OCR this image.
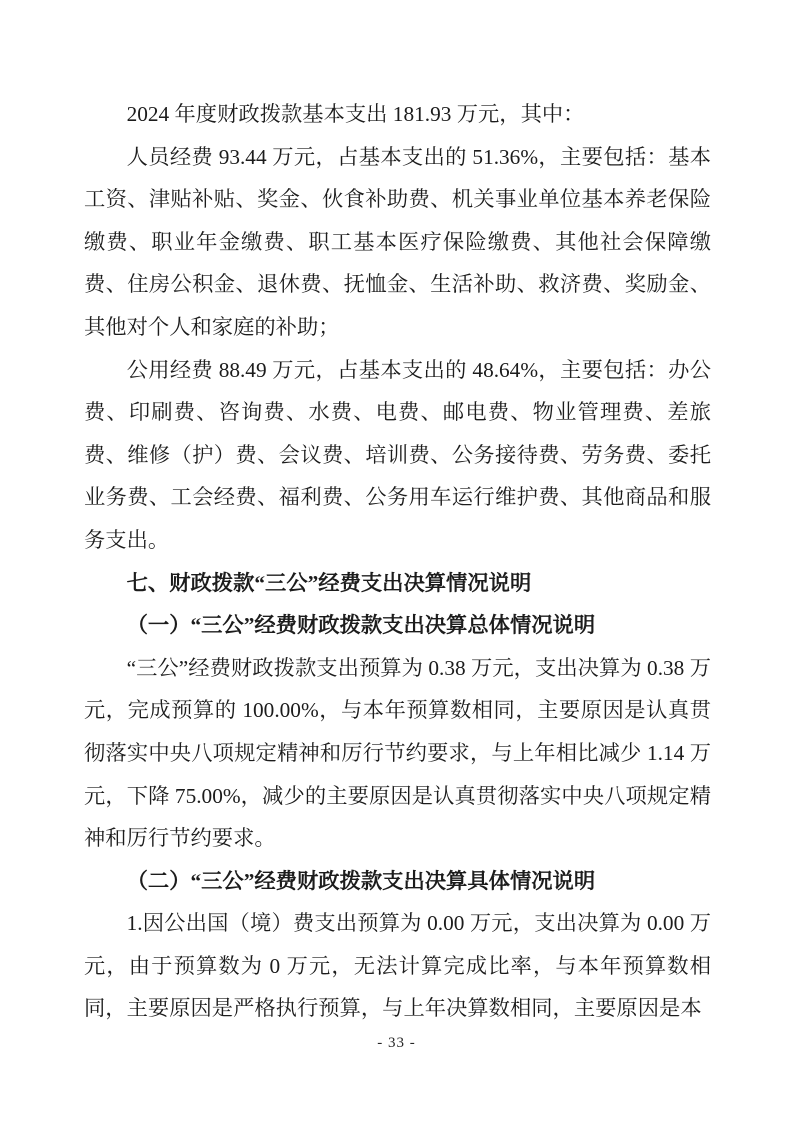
2024 年度财政拨款基本支出 181.93 万元，其中：

人员经费 93.44 万元，占基本支出的 51.36%，主要包括：基本工资、津贴补贴、奖金、伙食补助费、机关事业单位基本养老保险缴费、职业年金缴费、职工基本医疗保险缴费、其他社会保障缴费、住房公积金、退休费、抚恤金、生活补助、救济费、奖励金、其他对个人和家庭的补助；

公用经费 88.49 万元，占基本支出的 48.64%，主要包括：办公费、印刷费、咨询费、水费、电费、邮电费、物业管理费、差旅费、维修（护）费、会议费、培训费、公务接待费、劳务费、委托业务费、工会经费、福利费、公务用车运行维护费、其他商品和服务支出。

七、财政拨款“三公”经费支出决算情况说明

（一）“三公”经费财政拨款支出决算总体情况说明

“三公”经费财政拨款支出预算为 0.38 万元，支出决算为 0.38 万元，完成预算的 100.00%，与本年预算数相同，主要原因是认真贯彻落实中央八项规定精神和厉行节约要求，与上年相比减少 1.14 万元，下降 75.00%，减少的主要原因是认真贯彻落实中央八项规定精神和厉行节约要求。

（二）“三公”经费财政拨款支出决算具体情况说明

1.因公出国（境）费支出预算为 0.00 万元，支出决算为 0.00 万元，由于预算数为 0 万元，无法计算完成比率，与本年预算数相同，主要原因是严格执行预算，与上年决算数相同，主要原因是本

- 33 -
